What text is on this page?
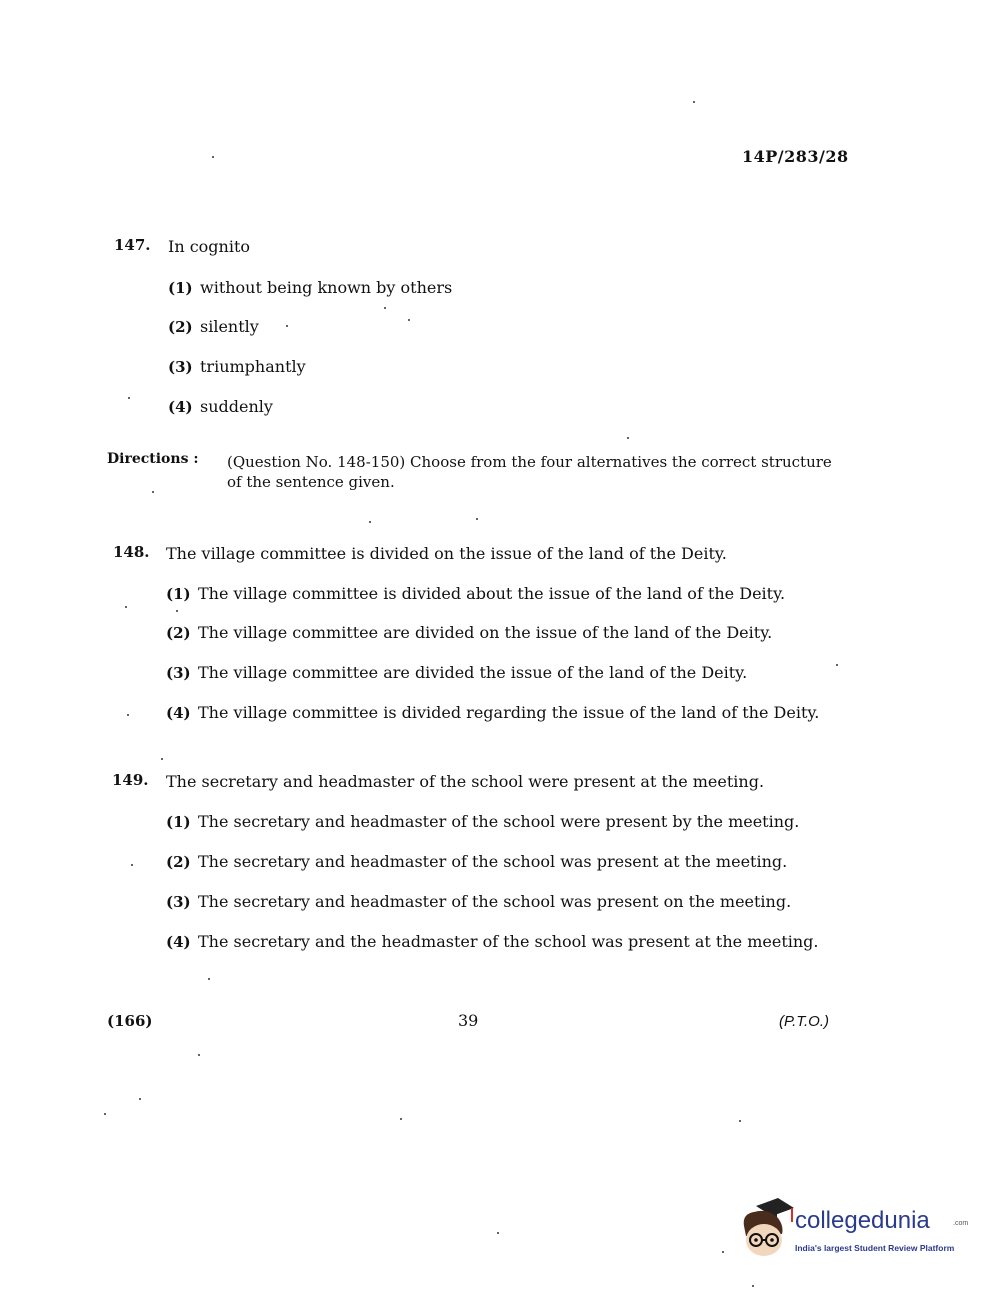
14P/283/28
147. In cognito
(1) without being known by others
(2) silently
(3) triumphantly
(4) suddenly
Directions : (Question No. 148-150) Choose from the four alternatives the correct structure of the sentence given.
148. The village committee is divided on the issue of the land of the Deity.
(1) The village committee is divided about the issue of the land of the Deity.
(2) The village committee are divided on the issue of the land of the Deity.
(3) The village committee are divided the issue of the land of the Deity.
(4) The village committee is divided regarding the issue of the land of the Deity.
149. The secretary and headmaster of the school were present at the meeting.
(1) The secretary and headmaster of the school were present by the meeting.
(2) The secretary and headmaster of the school was present at the meeting.
(3) The secretary and headmaster of the school was present on the meeting.
(4) The secretary and the headmaster of the school was present at the meeting.
(166)	39	(P.T.O.)
collegedunia	.com
India's largest Student Review Platform
